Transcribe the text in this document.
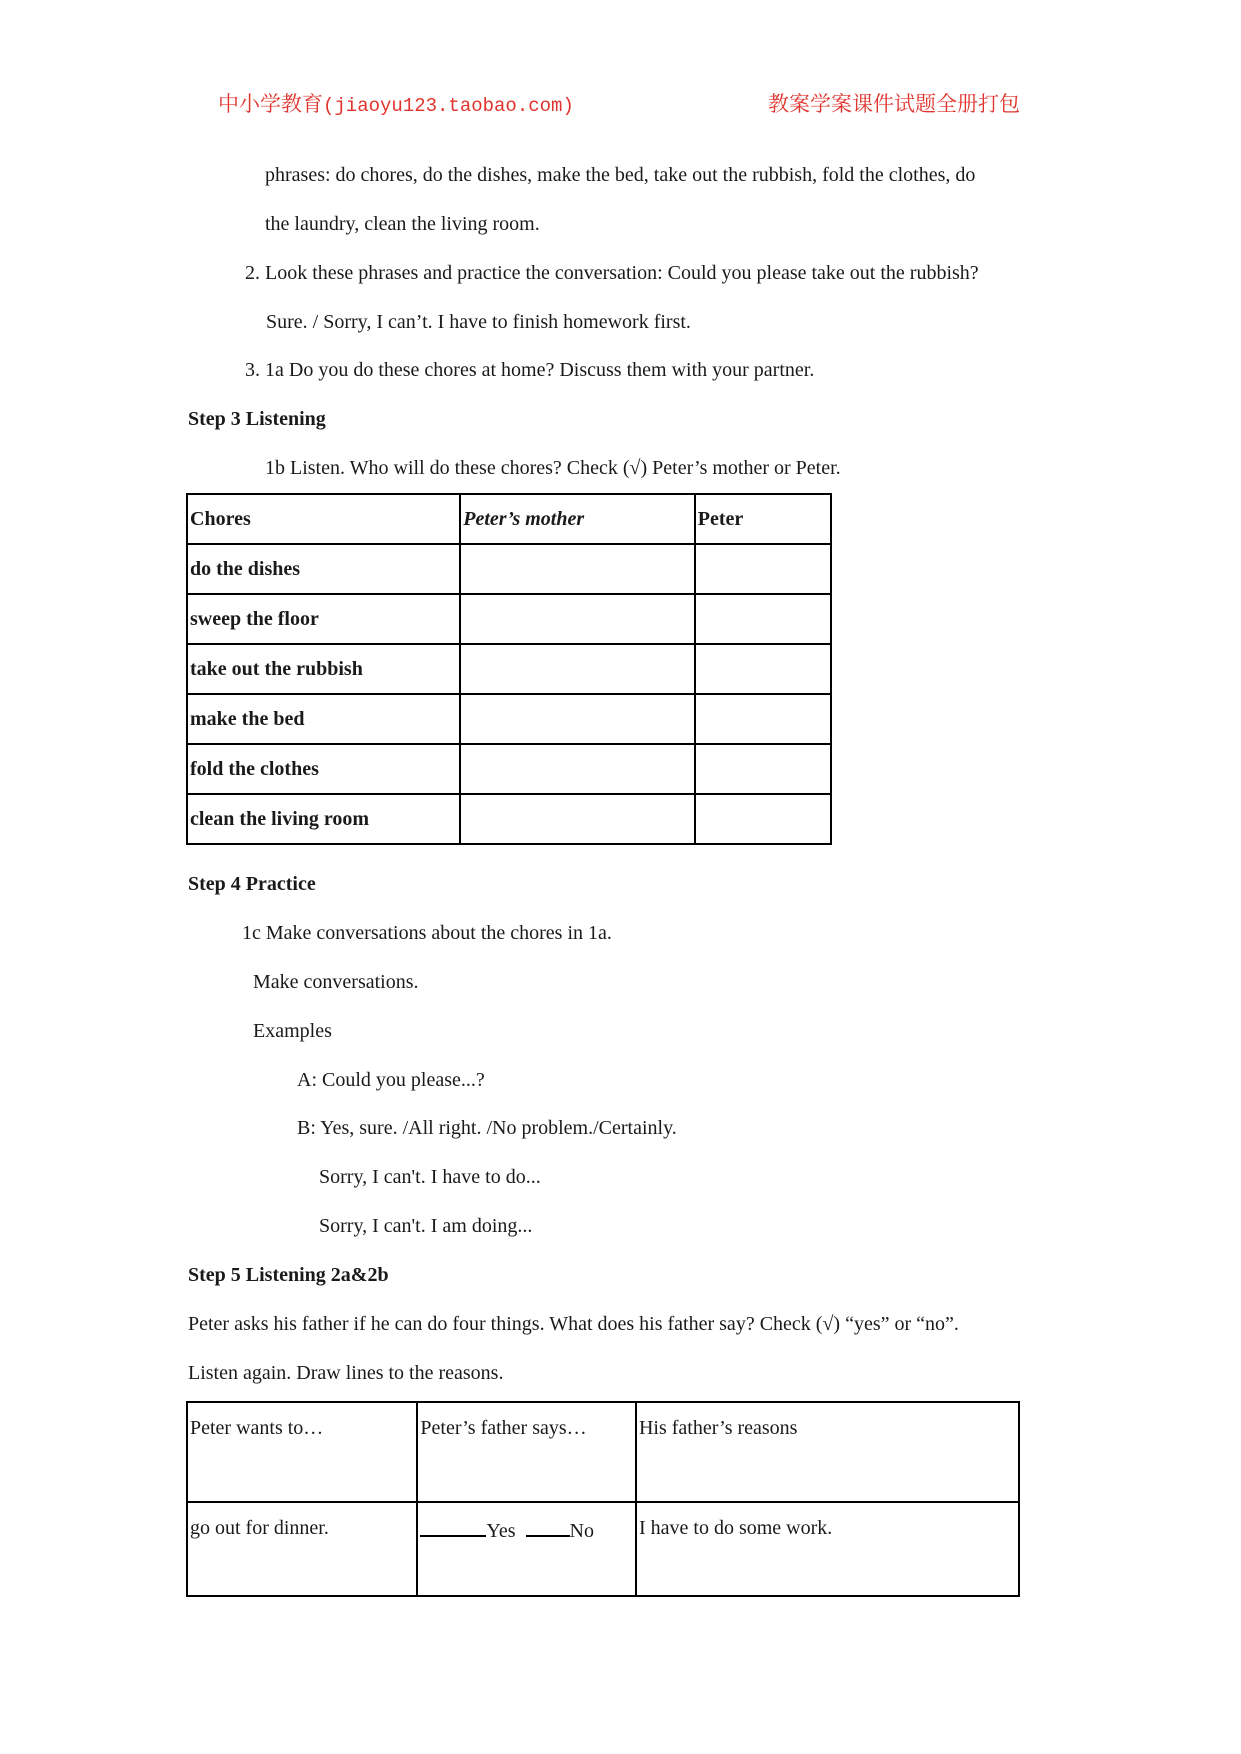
中小学教育(jiaoyu123.taobao.com)	教案学案课件试题全册打包
phrases: do chores, do the dishes, make the bed, take out the rubbish, fold the clothes, do
the laundry, clean the living room.
2. Look these phrases and practice the conversation: Could you please take out the rubbish?
Sure. / Sorry, I can’t. I have to finish homework first.
3. 1a Do you do these chores at home? Discuss them with your partner.
Step 3 Listening
1b Listen. Who will do these chores? Check (√) Peter’s mother or Peter.
Chores	Peter’s mother	Peter
do the dishes		
sweep the floor		
take out the rubbish		
make the bed		
fold the clothes		
clean the living room		
Step 4 Practice
1c Make conversations about the chores in 1a.
Make conversations.
Examples
A: Could you please...?
B: Yes, sure. /All right. /No problem./Certainly.
Sorry, I can't. I have to do...
Sorry, I can't. I am doing...
Step 5 Listening 2a&2b
Peter asks his father if he can do four things. What does his father say? Check (√) “yes” or “no”.
Listen again. Draw lines to the reasons.
Peter wants to…	Peter’s father says…	His father’s reasons
go out for dinner.	Yes No	I have to do some work.
